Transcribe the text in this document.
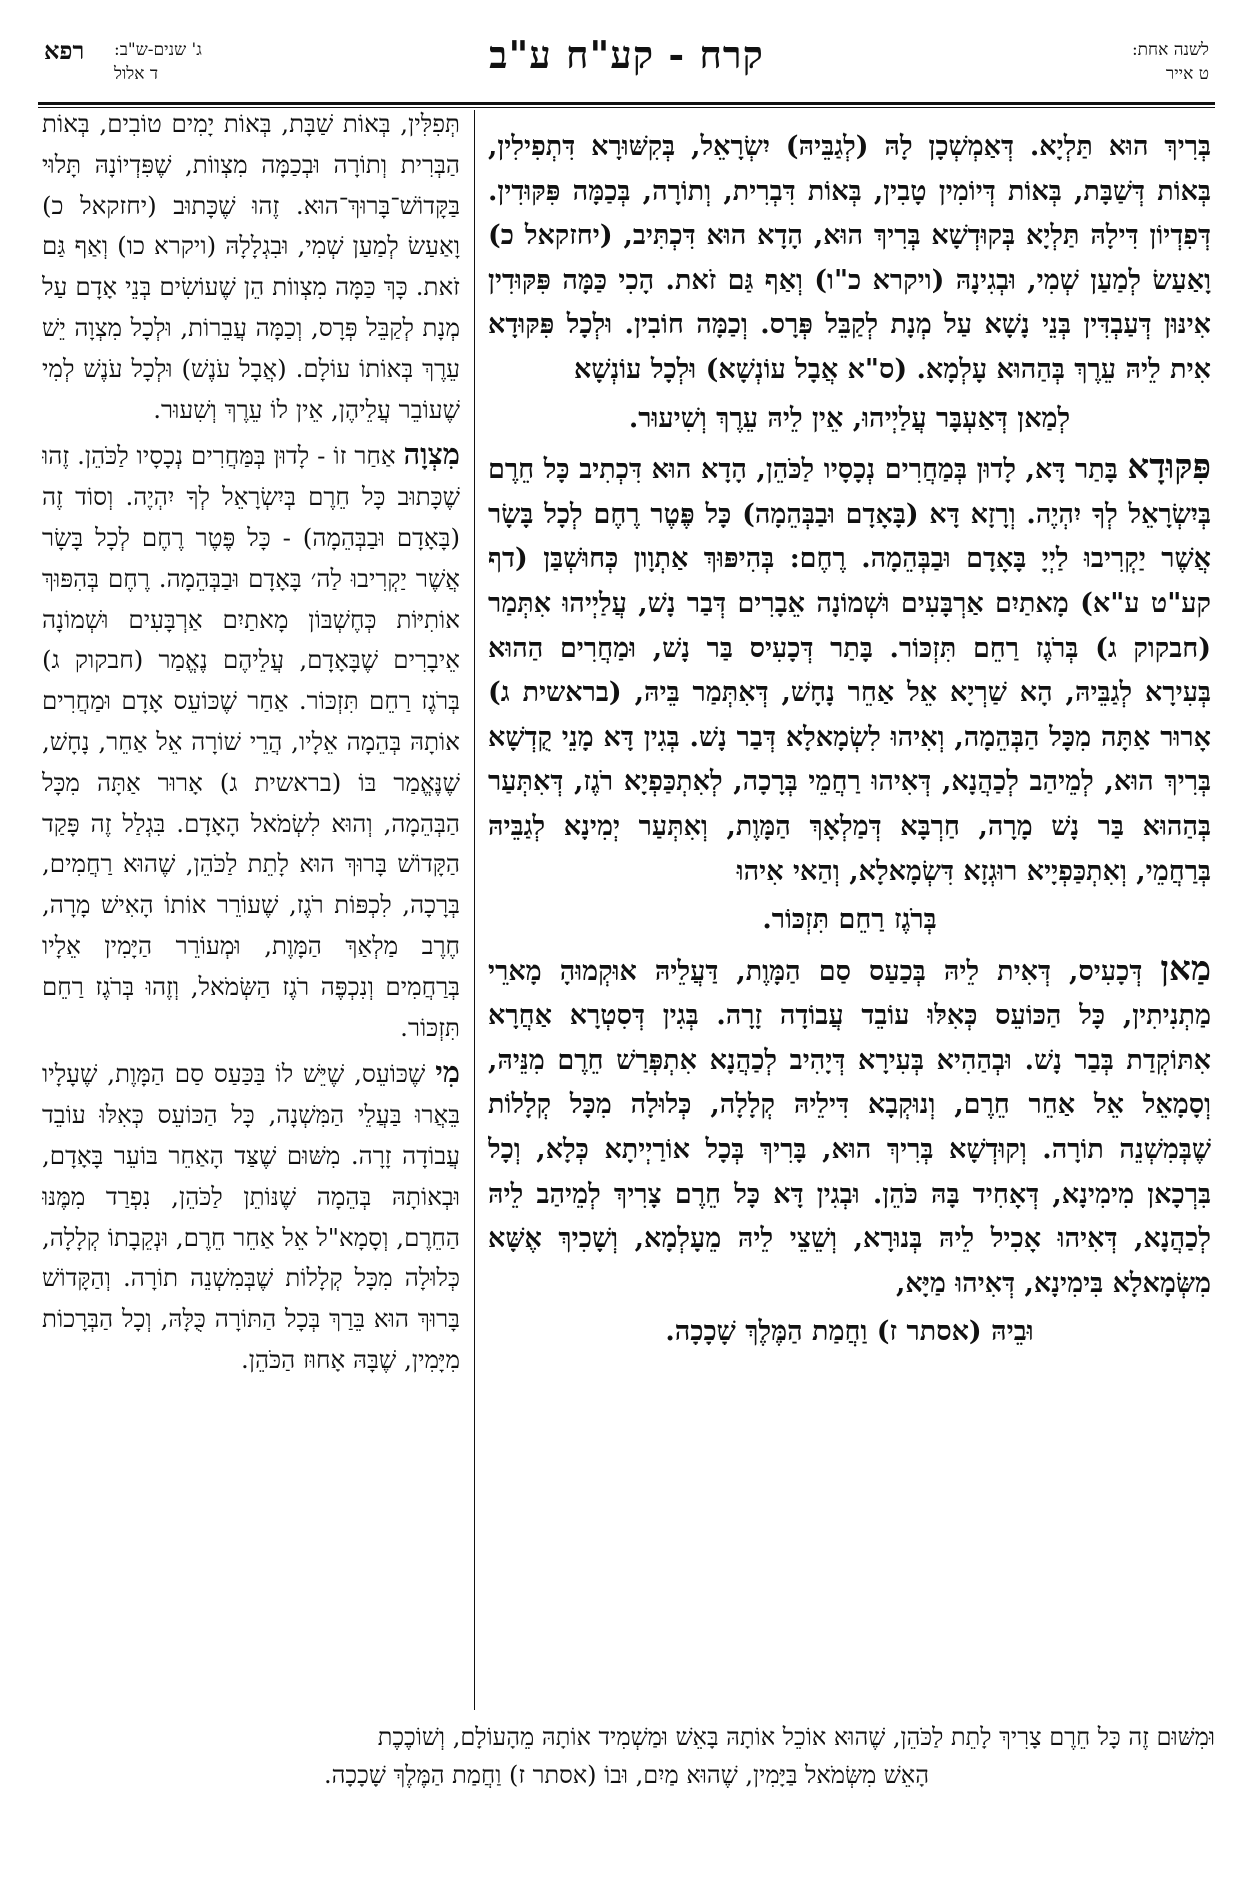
לשנה אחת:
ט אייר
קרח - קע"ח ע"ב
ג' שנים-ש"ב:
ד אלול
רפא

בְּרִיךְ הוּא תַּלְיָא. דְּאַמְשְׁכָן לָהּ (לְגַבֵּיהּ) יִשְׂרָאֵל, בְּקִשּׁוּרָא דִּתְפִילִין, בְּאוֹת דְּשַׁבָּת, בְּאוֹת דְּיוֹמִין טָבִין, בְּאוֹת דִּבְרִית, וְתוֹרָה, בְּכַמָּה פִּקּוּדִין. דְּפִדְיוֹן דִּילָהּ תַּלְיָא בְּקוּדְשָׁא בְּרִיךְ הוּא, הָדָא הוּא דִּכְתִּיב, (יחזקאל כ) וָאַעַשׂ לְמַעַן שְׁמִי, וּבְגִינָהּ (ויקרא כ"ו) וְאַף גַּם זֹאת. הָכִי כַּמָּה פִּקּוּדִין אִינּוּן דְּעַבְדִּין בְּנֵי נָשָׁא עַל מְנָת לְקַבֵּל פְּרָס. וְכַמָּה חוֹבִין. וּלְכָל פִּקּוּדָא אִית לֵיהּ עֵרֶךְ בְּהַהוּא עָלְמָא. (ס"א אֲבָל עוֹנְשָׁא) וּלְכָל עוֹנְשָׁא

לְמַאן דְּאַעְבָּר עֲלַיְיהוּ, אֵין לֵיהּ עֵרֶךְ וְשִׁיעוּר.

פִּקּוּדָא בָּתַר דָּא, לָדוּן בְּמַחֲרִים נְכָסָיו לַכֹּהֵן, הָדָא הוּא דִּכְתִיב כָּל חֵרֶם בְּיִשְׂרָאֵל לְךָ יִהְיֶה. וְרָזָא דָּא (בָּאָדָם וּבַבְּהֵמָה) כָּל פֶּטֶר רֶחֶם לְכָל בָּשָׂר אֲשֶׁר יַקְרִיבוּ לַיְיָ בָּאָדָם וּבַבְּהֵמָה. רֶחֶם: בְּהִיפּוּךְ אַתְוָון כְּחוּשְׁבַּן (דף קע"ט ע"א) מָאתַיִם אַרְבָּעִים וּשְׁמוֹנָה אֵבָרִים דְּבַר נָשׁ, עֲלַיְיהוּ אִתְּמַר (חבקוק ג) בְּרֹגֶז רַחֵם תִּזְכּוֹר. בָּתַר דְּכָעִיס בַּר נָשׁ, וּמַחֲרִים הַהוּא בְּעִירָא לְגַבֵּיהּ, הָא שַׁרְיָא אֵל אַחֵר נָחָשׁ, דְּאִתְּמַר בֵּיהּ, (בראשית ג) אָרוּר אַתָּה מִכָּל הַבְּהֵמָה, וְאִיהוּ לִשְׂמָאלָא דְּבַר נָשׁ. בְּגִין דָּא מָנֵי קֻדְשָׁא בְּרִיךְ הוּא, לְמֵיהַב לְכַהֲנָא, דְּאִיהוּ רַחֲמֵי בְּרָכָה, לְאִתְכַּפְיָא רֹגֶז, דְּאִתְּעַר בְּהַהוּא בַּר נָשׁ מָרָה, חַרְבָּא דְּמַלְאָךְ הַמָּוֶת, וְאִתְּעַר יְמִינָא לְגַבֵּיהּ בְּרַחֲמֵי, וְאִתְכַּפְיָיא רוּגְזָא דִּשְׂמָאלָא, וְהַאי אִיהוּ

בְּרֹגֶז רַחֵם תִּזְכּוֹר.

מַאן דְּכָעִיס, דְּאִית לֵיהּ בְּכַעַס סַם הַמָּוֶת, דַּעֲלֵיהּ אוּקְמוּהָ מָארֵי מַתְנִיתִין, כָּל הַכּוֹעֵס כְּאִלּוּ עוֹבֵד עֲבוֹדָה זָרָה. בְּגִין דְּסִטְרָא אַחֲרָא אִתּוֹקְדַת בְּבַר נָשׁ. וּבְהַהִיא בְּעִירָא דְּיָהִיב לְכַהֲנָא אִתְפְּרַשׁ חֵרֶם מִנֵּיהּ, וְסָמָאֵל אֵל אַחֵר חֵרֶם, וְנוּקְבָא דִּילֵיהּ קְלָלָה, כְּלוּלָה מִכָּל קְלָלוֹת שֶׁבְּמִשְׁנֵה תוֹרָה. וְקוּדְשָׁא בְּרִיךְ הוּא, בָּרִיךְ בְּכָל אוֹרַיְיתָא כְּלָא, וְכָל בִּרְכָאן מִימִינָא, דְּאָחִיד בָּהּ כֹּהֵן. וּבְגִין דָּא כָּל חֵרֶם צָרִיךְ לְמֵיהַב לֵיהּ לְכַהֲנָא, דְּאִיהוּ אָכִיל לֵיהּ בְּנוּרָא, וְשֵׁצֵי לֵיהּ מֵעָלְמָא, וְשָׁכִיךְ אֶשָּׁא מִשְּׂמָאלָא בִּימִינָא, דְּאִיהוּ מַיָּא,

וּבֵיהּ (אסתר ז) וַחֲמַת הַמֶּלֶךְ שָׁכָכָה.

תְּפִלִּין, בְּאוֹת שַׁבָּת, בְּאוֹת יָמִים טוֹבִים, בְּאוֹת הַבְּרִית וְתוֹרָה וּבְכַמָּה מִצְווֹת, שֶׁפִּדְיוֹנָהּ תָּלוּי בַּקָּדוֹשׁ־בָּרוּךְ־הוּא. זֶהוּ שֶׁכָּתוּב (יחזקאל כ) וָאַעַשׂ לְמַעַן שְׁמִי, וּבִגְלָלָהּ (ויקרא כו) וְאַף גַּם זֹאת. כָּךְ כַּמָּה מִצְווֹת הֵן שֶׁעוֹשִׂים בְּנֵי אָדָם עַל מְנָת לְקַבֵּל פְּרָס, וְכַמָּה עֲבֵרוֹת, וּלְכָל מִצְוָה יֵשׁ עֵרֶךְ בְּאוֹתוֹ עוֹלָם. (אֲבָל עֹנֶשׁ) וּלְכָל עֹנֶשׁ לְמִי שֶׁעוֹבֵר עֲלֵיהֶן, אֵין לוֹ עֵרֶךְ וְשִׁעוּר.

מִצְוָה אַחַר זוֹ - לָדוּן בְּמַּחֲרִים נְכָסָיו לַכֹּהֵן. זֶהוּ שֶׁכָּתוּב כָּל חֵרֶם בְּיִשְׂרָאֵל לְךָ יִהְיֶה. וְסוֹד זֶה (בָּאָדָם וּבַבְּהֵמָה) - כָּל פֶּטֶר רֶחֶם לְכָל בָּשָׂר אֲשֶׁר יַקְרִיבוּ לַה׳ בָּאָדָם וּבַבְּהֵמָה. רֶחֶם בְּהִפּוּךְ אוֹתִיּוֹת כְּחֶשְׁבּוֹן מָאתַיִם אַרְבָּעִים וּשְׁמוֹנָה אֵיבָרִים שֶׁבָּאָדָם, עֲלֵיהֶם נֶאֱמַר (חבקוק ג) בְּרֹגֶז רַחֵם תִּזְכּוֹר. אַחַר שֶׁכּוֹעֵס אָדָם וּמַחֲרִים אוֹתָהּ בְּהֵמָה אֵלָיו, הֲרֵי שׁוֹרָה אֵל אַחֵר, נָחָשׁ, שֶׁנֶּאֱמַר בּוֹ (בראשית ג) אָרוּר אַתָּה מִכָּל הַבְּהֵמָה, וְהוּא לִשְׂמֹאל הָאָדָם. בִּגְלַל זֶה פָּקַד הַקָּדוֹשׁ בָּרוּךְ הוּא לָתֵת לַכֹּהֵן, שֶׁהוּא רַחֲמִים, בְּרָכָה, לִכְפּוֹת רֹגֶז, שֶׁעוֹרֵר אוֹתוֹ הָאִישׁ מָרָה, חֶרֶב מַלְאַךְ הַמָּוֶת, וּמְעוֹרֵר הַיָּמִין אֵלָיו בְּרַחֲמִים וְנִכְפֶּה רֹגֶז הַשְּׂמֹאל, וְזֶהוּ בְּרֹגֶז רַחֵם תִּזְכּוֹר.

מִי שֶׁכּוֹעֵס, שֶׁיֵּשׁ לוֹ בַּכַּעַס סַם הַמָּוֶת, שֶׁעָלָיו בֵּאֲרוּ בַּעֲלֵי הַמִּשְׁנָה, כָּל הַכּוֹעֵס כְּאִלּוּ עוֹבֵד עֲבוֹדָה זָרָה. מִשּׁוּם שֶׁצַּד הָאַחֵר בּוֹעֵר בָּאָדָם, וּבְאוֹתָהּ בְּהֵמָה שֶׁנּוֹתֵן לַכֹּהֵן, נִפְרַד מִמֶּנּוּ הַחֵרֶם, וְסָמָא"ל אֵל אַחֵר חֵרֶם, וּנְקֵבָתוֹ קְלָלָה, כְּלוּלָה מִכָּל קְלָלוֹת שֶׁבְּמִשְׁנֵה תוֹרָה. וְהַקָּדוֹשׁ בָּרוּךְ הוּא בֵּרַךְ בְּכָל הַתּוֹרָה כֻּלָּהּ, וְכָל הַבְּרָכוֹת מִיָּמִין, שֶׁבָּהּ אָחוּז הַכֹּהֵן.

וּמִשּׁוּם זֶה כָּל חֵרֶם צָרִיךְ לָתֵת לַכֹּהֵן, שֶׁהוּא אוֹכֵל אוֹתָהּ בָּאֵשׁ וּמַשְׁמִיד אוֹתָהּ מֵהָעוֹלָם, וְשׁוֹכֶכֶת
הָאֵשׁ מִשְּׂמֹאל בַּיָּמִין, שֶׁהוּא מַיִם, וּבוֹ (אסתר ז) וַחֲמַת הַמֶּלֶךְ שָׁכָכָה.
